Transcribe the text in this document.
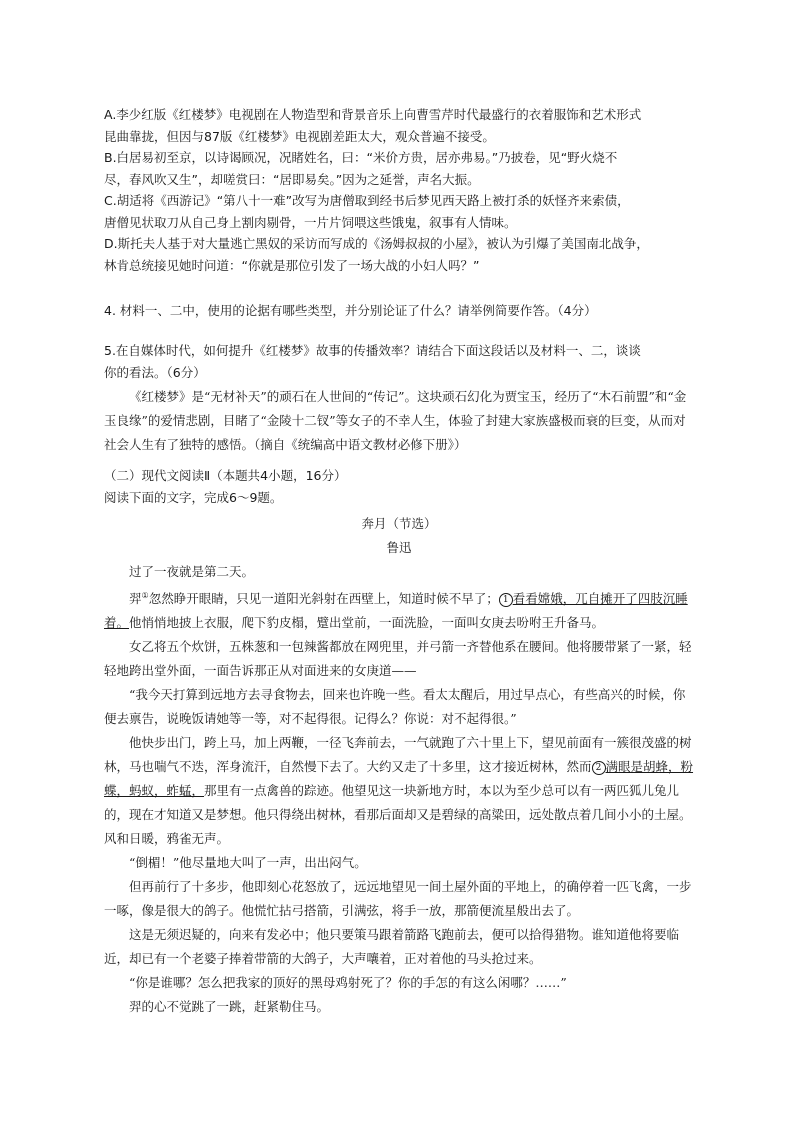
A.李少红版《红楼梦》电视剧在人物造型和背景音乐上向曹雪芹时代最盛行的衣着服饰和艺术形式

昆曲靠拢，但因与87版《红楼梦》电视剧差距太大，观众普遍不接受。

B.白居易初至京，以诗谒顾况，况睹姓名，曰：“米价方贵，居亦弗易。”乃披卷，见“野火烧不

尽，春风吹又生”，却嗟赏曰：“居即易矣。”因为之延誉，声名大振。

C.胡适将《西游记》“第八十一难”改写为唐僧取到经书后梦见西天路上被打杀的妖怪齐来索债，

唐僧见状取刀从自己身上割肉剔骨，一片片饲喂这些饿鬼，叙事有人情味。

D.斯托夫人基于对大量逃亡黑奴的采访而写成的《汤姆叔叔的小屋》，被认为引爆了美国南北战争，

林肯总统接见她时问道：“你就是那位引发了一场大战的小妇人吗？”

4. 材料一、二中，使用的论据有哪些类型，并分别论证了什么？请举例简要作答。（4分）

5.在自媒体时代，如何提升《红楼梦》故事的传播效率？请结合下面这段话以及材料一、二，谈谈

你的看法。（6分）

《红楼梦》是“无材补天”的顽石在人世间的“传记”。这块顽石幻化为贾宝玉，经历了“木石前盟”和“金玉良缘”的爱情悲剧，目睹了“金陵十二钗”等女子的不幸人生，体验了封建大家族盛极而衰的巨变，从而对社会人生有了独特的感悟。（摘自《统编高中语文教材必修下册》）

（二）现代文阅读Ⅱ（本题共4小题，16分）

阅读下面的文字，完成6～9题。

奔月（节选）

鲁迅

过了一夜就是第二天。

羿①忽然睁开眼睛，只见一道阳光斜射在西壁上，知道时候不早了； 1 看看嫦娥，兀自摊开了四肢沉睡着。他悄悄地披上衣服，爬下豹皮榻，躄出堂前，一面洗脸，一面叫女庚去吩咐王升备马。

女乙将五个炊饼，五株葱和一包辣酱都放在网兜里，并弓箭一齐替他系在腰间。他将腰带紧了一紧，轻轻地跨出堂外面，一面告诉那正从对面进来的女庚道——

“我今天打算到远地方去寻食物去，回来也许晚一些。看太太醒后，用过早点心，有些高兴的时候，你便去禀告，说晚饭请她等一等，对不起得很。记得么？你说：对不起得很。”

他快步出门，跨上马，加上两鞭，一径飞奔前去，一气就跑了六十里上下，望见前面有一簇很茂盛的树林，马也喘气不迭，浑身流汗，自然慢下去了。大约又走了十多里，这才接近树林，然而 2 满眼是胡蜂，粉蝶，蚂蚁，蚱蜢，那里有一点禽兽的踪迹。他望见这一块新地方时，本以为至少总可以有一两匹狐儿兔儿的，现在才知道又是梦想。他只得绕出树林，看那后面却又是碧绿的高粱田，远处散点着几间小小的土屋。风和日暖，鸦雀无声。

“倒楣！”他尽量地大叫了一声，出出闷气。

但再前行了十多步，他即刻心花怒放了，远远地望见一间土屋外面的平地上，的确停着一匹飞禽，一步一啄，像是很大的鸽子。他慌忙拈弓搭箭，引满弦，将手一放，那箭便流星般出去了。

这是无须迟疑的，向来有发必中；他只要策马跟着箭路飞跑前去，便可以拾得猎物。谁知道他将要临近，却已有一个老婆子捧着带箭的大鸽子，大声嚷着，正对着他的马头抢过来。

“你是谁哪？怎么把我家的顶好的黑母鸡射死了？你的手怎的有这么闲哪？……”

羿的心不觉跳了一跳，赶紧勒住马。
